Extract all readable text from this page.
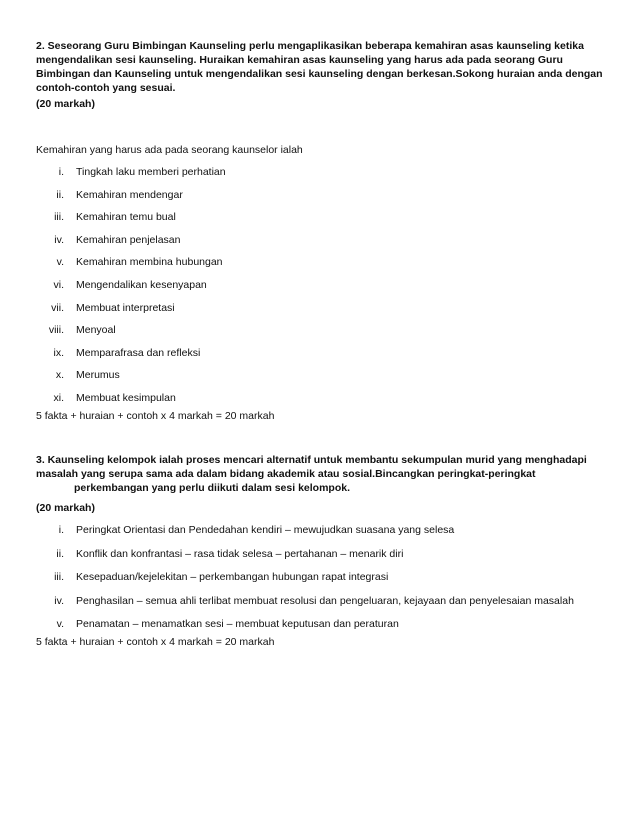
2. Seseorang Guru Bimbingan Kaunseling perlu mengaplikasikan beberapa kemahiran asas kaunseling ketika
mengendalikan sesi kaunseling. Huraikan kemahiran asas kaunseling yang harus ada pada seorang Guru
Bimbingan dan Kaunseling untuk mengendalikan sesi kaunseling dengan berkesan.Sokong huraian anda dengan
contoh-contoh yang sesuai.
(20 markah)
Kemahiran yang harus ada pada seorang kaunselor ialah
i. Tingkah laku memberi perhatian
ii. Kemahiran mendengar
iii. Kemahiran temu bual
iv. Kemahiran penjelasan
v. Kemahiran membina hubungan
vi. Mengendalikan kesenyapan
vii. Membuat interpretasi
viii. Menyoal
ix. Memparafrasa dan refleksi
x. Merumus
xi. Membuat kesimpulan
5 fakta + huraian + contoh x 4 markah = 20 markah
3. Kaunseling kelompok ialah proses mencari alternatif untuk membantu sekumpulan murid yang menghadapi
masalah yang serupa sama ada dalam bidang akademik atau sosial.Bincangkan peringkat-peringkat
perkembangan yang perlu diikuti dalam sesi kelompok.
(20 markah)
i. Peringkat Orientasi dan Pendedahan kendiri – mewujudkan suasana yang selesa
ii. Konflik dan konfrantasi – rasa tidak selesa – pertahanan – menarik diri
iii. Kesepaduan/kejelekitan – perkembangan hubungan rapat integrasi
iv. Penghasilan – semua ahli terlibat membuat resolusi dan pengeluaran, kejayaan dan penyelesaian masalah
v. Penamatan – menamatkan sesi – membuat keputusan dan peraturan
5 fakta + huraian + contoh x 4 markah = 20 markah
